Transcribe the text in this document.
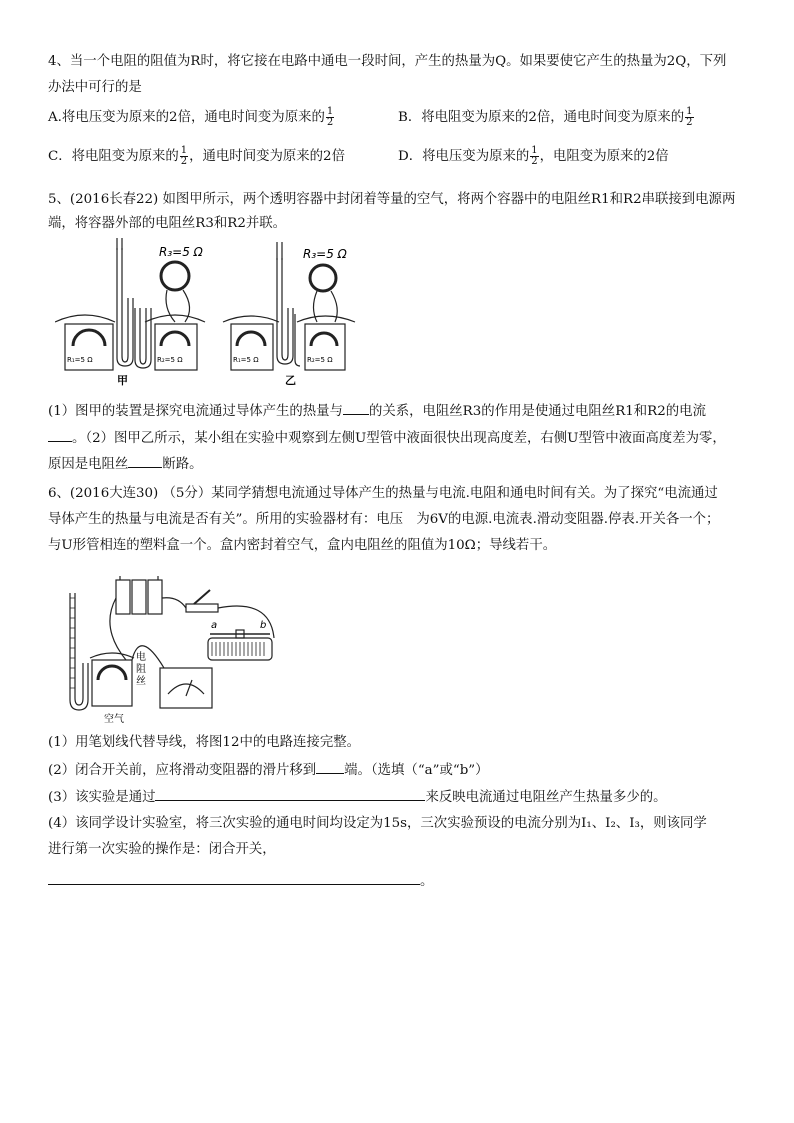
4、当一个电阻的阻值为R时，将它接在电路中通电一段时间，产生的热量为Q。如果要使它产生的热量为2Q，下列
办法中可行的是
A.将电压变为原来的2倍，通电时间变为原来的 $\frac{1}{2}$	B．将电阻变为原来的2倍，通电时间变为原来的 $\frac{1}{2}$
C．将电阻变为原来的 $\frac{1}{2}$ ，通电时间变为原来的2倍	D．将电压变为原来的 $\frac{1}{2}$ ，电阻变为原来的2倍
5、(2016长春22) 如图甲所示，两个透明容器中封闭着等量的空气，将两个容器中的电阻丝R1和R2串联接到电源两
端，将容器外部的电阻丝R3和R2并联。
R₃=5 Ω
R₁=5 Ω	R₂=5 Ω
甲
R₃=5 Ω
R₁=5 Ω	R₂=5 Ω
乙
(1）图甲的装置是探究电流通过导体产生的热量与 的关系，电阻丝R3的作用是使通过电阻丝R1和R2的电流
。（2）图甲乙所示，某小组在实验中观察到左侧U型管中液面很快出现高度差，右侧U型管中液面高度差为零，
原因是电阻丝	断路。
6、(2016大连30) （5分）某同学猜想电流通过导体产生的热量与电流.电阻和通电时间有关。为了探究“电流通过
导体产生的热量与电流是否有关”。所用的实验器材有：电压　为6V的电源.电流表.滑动变阻器.停表.开关各一个；
与U形管相连的塑料盒一个。盒内密封着空气，盒内电阻丝的阻值为10Ω；导线若干。
a	b
电
阻
丝
空气
(1）用笔划线代替导线，将图12中的电路连接完整。
(2）闭合开关前，应将滑动变阻器的滑片移到 端。（选填（“a”或“b”）
(3）该实验是通过	来反映电流通过电阻丝产生热量多少的。
(4）该同学设计实验室，将三次实验的通电时间均设定为15s，三次实验预设的电流分别为I₁、I₂、I₃，则该同学
进行第一次实验的操作是：闭合开关，
。
